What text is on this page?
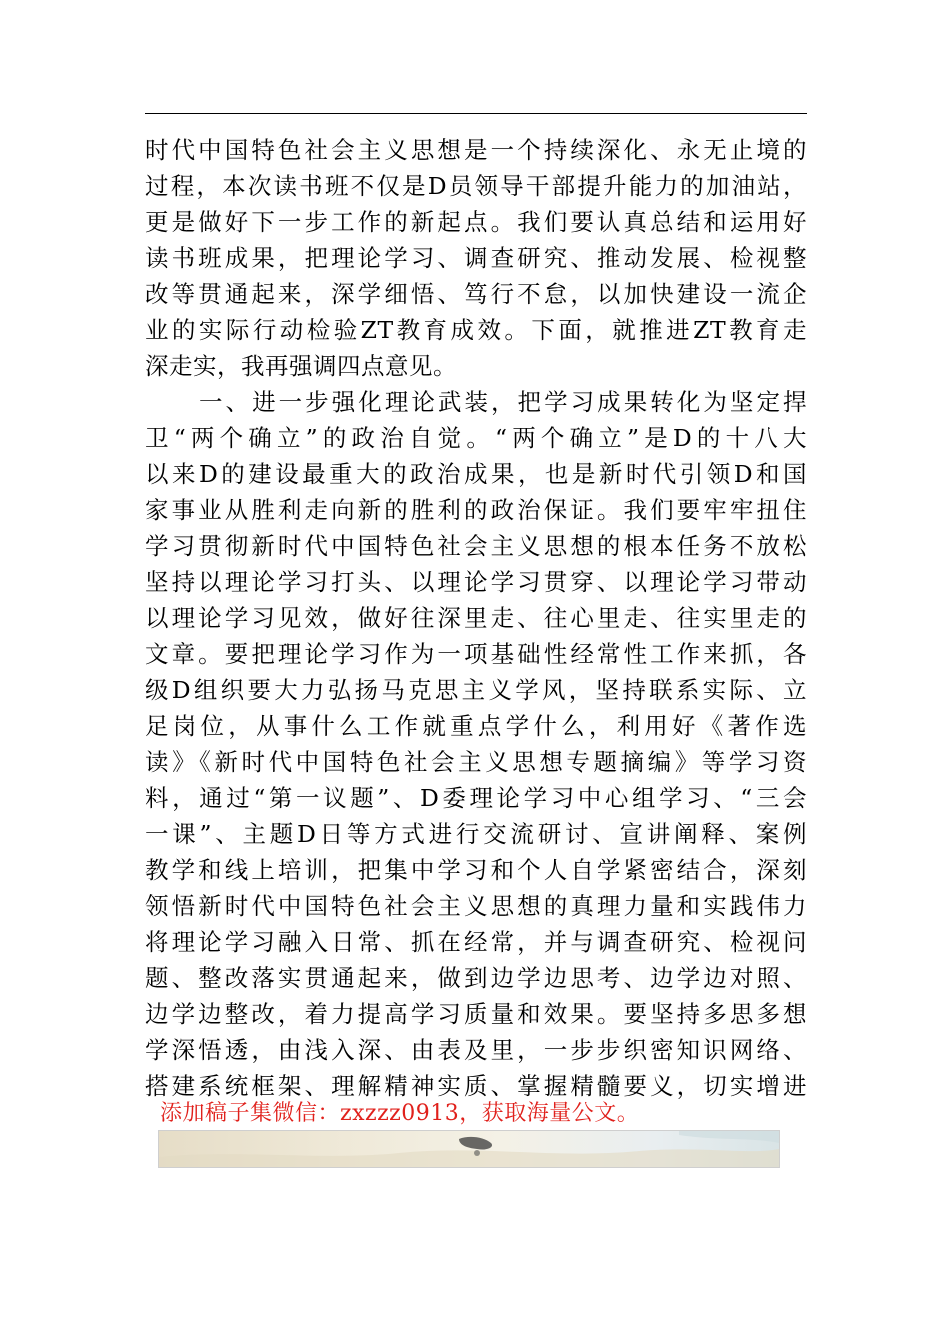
时代中国特色社会主义思想是一个持续深化、永无止境的
过程，本次读书班不仅是D员领导干部提升能力的加油站，
更是做好下一步工作的新起点。我们要认真总结和运用好
读书班成果，把理论学习、调查研究、推动发展、检视整
改等贯通起来，深学细悟、笃行不怠，以加快建设一流企
业的实际行动检验ZT教育成效。下面，就推进ZT教育走
深走实，我再强调四点意见。
一、进一步强化理论武装，把学习成果转化为坚定捍
卫“两个确立”的政治自觉。“两个确立”是D的十八大
以来D的建设最重大的政治成果，也是新时代引领D和国
家事业从胜利走向新的胜利的政治保证。我们要牢牢扭住
学习贯彻新时代中国特色社会主义思想的根本任务不放松
坚持以理论学习打头、以理论学习贯穿、以理论学习带动
以理论学习见效，做好往深里走、往心里走、往实里走的
文章。要把理论学习作为一项基础性经常性工作来抓，各
级D组织要大力弘扬马克思主义学风，坚持联系实际、立
足岗位，从事什么工作就重点学什么，利用好《著作选
读》《新时代中国特色社会主义思想专题摘编》等学习资
料，通过“第一议题”、D委理论学习中心组学习、“三会
一课”、主题D日等方式进行交流研讨、宣讲阐释、案例
教学和线上培训，把集中学习和个人自学紧密结合，深刻
领悟新时代中国特色社会主义思想的真理力量和实践伟力
将理论学习融入日常、抓在经常，并与调查研究、检视问
题、整改落实贯通起来，做到边学边思考、边学边对照、
边学边整改，着力提高学习质量和效果。要坚持多思多想
学深悟透，由浅入深、由表及里，一步步织密知识网络、
搭建系统框架、理解精神实质、掌握精髓要义，切实增进
添加稿子集微信：zxzzz0913，获取海量公文。
